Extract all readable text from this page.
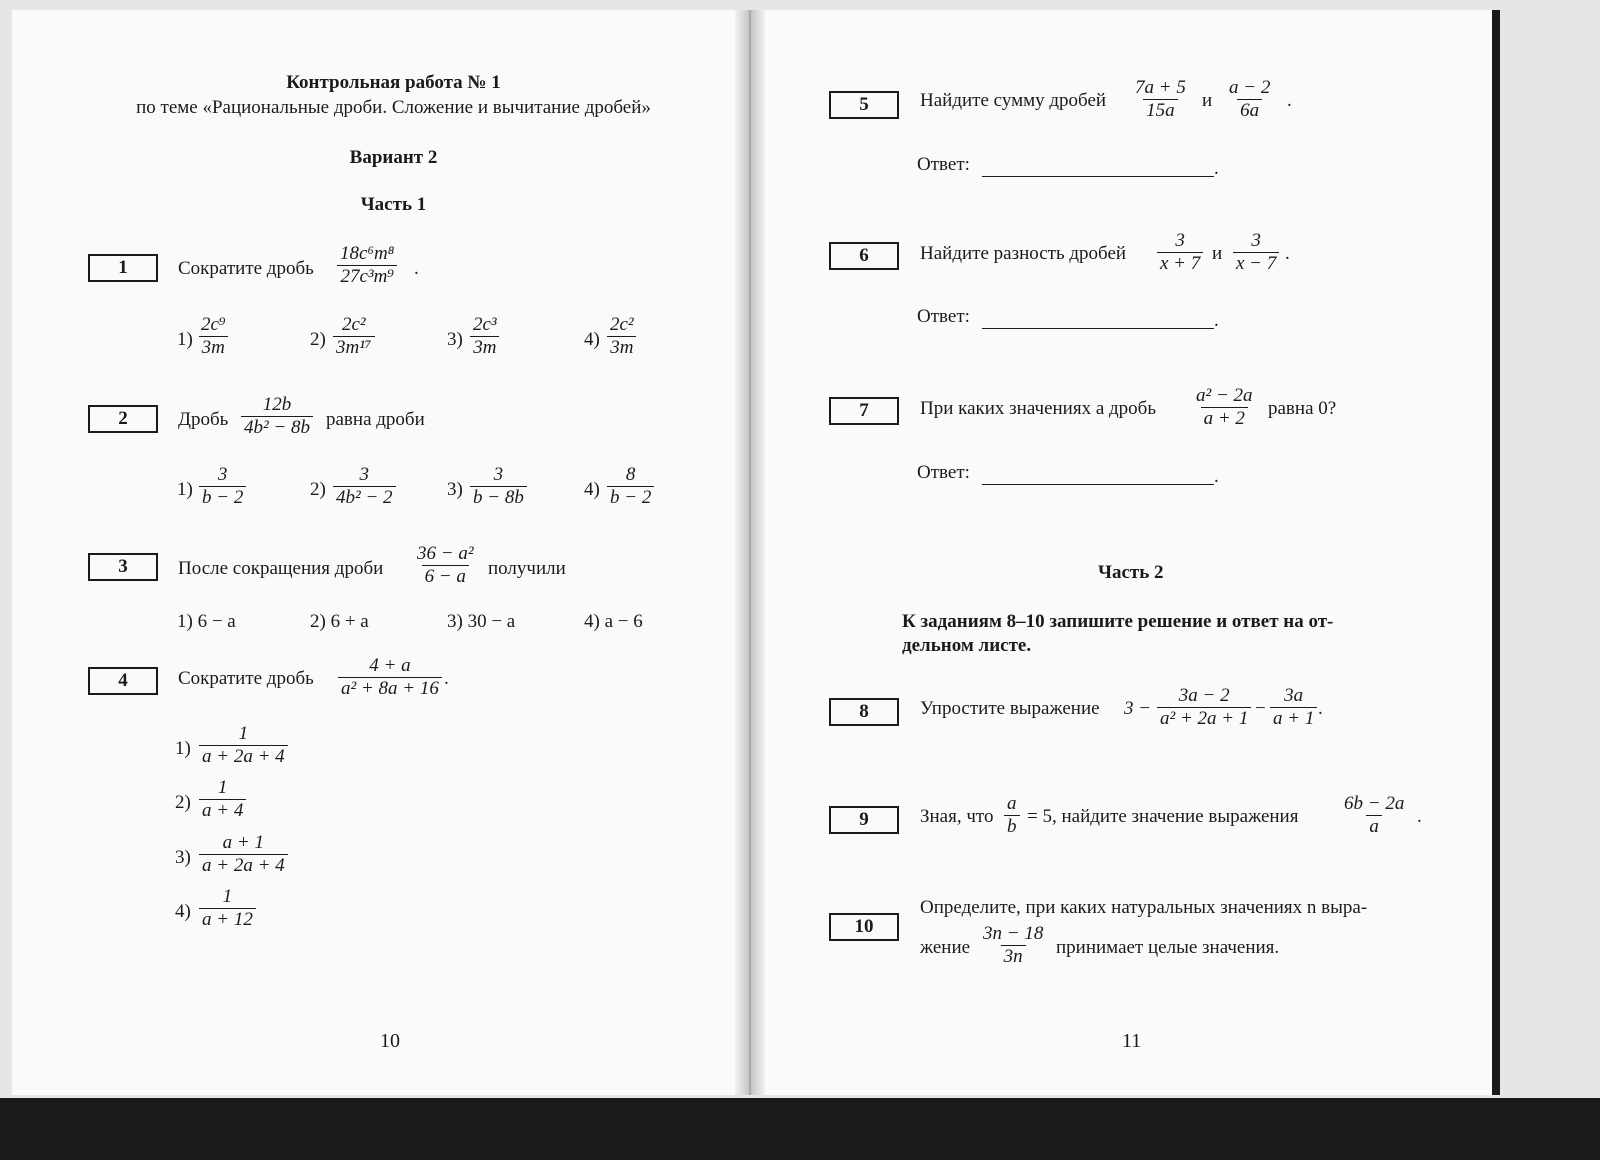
Контрольная работа № 1
по теме «Рациональные дроби. Сложение и вычитание дробей»
Вариант 2
Часть 1
1	Сократите дробь $\frac{\text{18c⁶m⁸}}{\text{27c³m⁹}}$ .
$1) \frac{\text{2c⁹}}{3m}$	$2) \frac{\text{2c²}}{\text{3m¹⁷}}$	$3) \frac{\text{2c³}}{3m}$	$4) \frac{\text{2c²}}{3m}$
2	Дробь $\frac{12b}{\text{4b² − 8b}}$ равна дроби
$1) \frac{3}{b - 2}$	$2) \frac{3}{\text{4b² − 2}}$	$3) \frac{3}{b - 8b}$	$4) \frac{8}{b - 2}$
3	После сокращения дроби $\frac{\text{36 − a²}}{6 - a}$ получили
1) 6 − a	2) 6 + a	3) 30 − a	4) a − 6
4	Сократите дробь $\frac{4 + a}{\text{a² + 8a + 16}}$ .
$1) \frac{1}{a + 2a + 4}$
$2) \frac{1}{a + 4}$
$3) \frac{a + 1}{a + 2a + 4}$
$4) \frac{1}{a + 12}$
10
5	Найдите сумму дробей $\frac{7a + 5}{15a}$ и $\frac{a - 2}{6a}$ .
Ответ:	.
6	Найдите разность дробей $\frac{3}{x + 7}$ и $\frac{3}{x - 7}$ .
Ответ:	.
7	При каких значениях a дробь $\frac{\text{a² − 2a}}{a + 2}$ равна 0?
Ответ:	.
Часть 2
К заданиям 8–10 запишите решение и ответ на от-
дельном листе.
8	Упростите выражение $3 - \frac{3a - 2}{\text{a² + 2a + 1}} - \frac{3a}{a + 1}$ .
9	Зная, что $\frac{a}{b} = 5$, найдите значение выражения $\frac{6b - 2a}{a}$ .
10
Определите, при каких натуральных значениях n выра-
жение $\frac{3n - 18}{3n}$ принимает целые значения.
11
